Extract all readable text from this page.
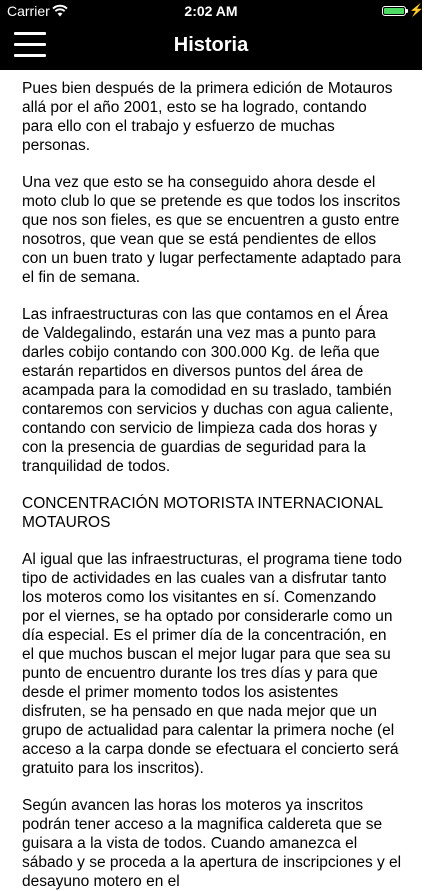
Carrier	2:02 AM	⚡
Historia

Pues bien después de la primera edición de Motauros allá por el año 2001, esto se ha logrado, contando para ello con el trabajo y esfuerzo de muchas personas.

Una vez que esto se ha conseguido ahora desde el moto club lo que se pretende es que todos los inscritos que nos son fieles, es que se encuentren a gusto entre nosotros, que vean que se está pendientes de ellos con un buen trato y lugar perfectamente adaptado para el fin de semana.

Las infraestructuras con las que contamos en el Área de Valdegalindo, estarán una vez mas a punto para darles cobijo contando con 300.000 Kg. de leña que estarán repartidos en diversos puntos del área de acampada para la comodidad en su traslado, también contaremos con servicios y duchas con agua caliente, contando con servicio de limpieza cada dos horas y con la presencia de guardias de seguridad para la tranquilidad de todos.

CONCENTRACIÓN MOTORISTA INTERNACIONAL MOTAUROS

Al igual que las infraestructuras, el programa tiene todo tipo de actividades en las cuales van a disfrutar tanto los moteros como los visitantes en sí. Comenzando por el viernes, se ha optado por considerarle como un día especial. Es el primer día de la concentración, en el que muchos buscan el mejor lugar para que sea su punto de encuentro durante los tres días y para que desde el primer momento todos los asistentes disfruten, se ha pensado en que nada mejor que un grupo de actualidad para calentar la primera noche (el acceso a la carpa donde se efectuara el concierto será gratuito para los inscritos).

Según avancen las horas los moteros ya inscritos podrán tener acceso a la magnifica caldereta que se guisara a la vista de todos. Cuando amanezca el sábado y se proceda a la apertura de inscripciones y el desayuno motero en el
